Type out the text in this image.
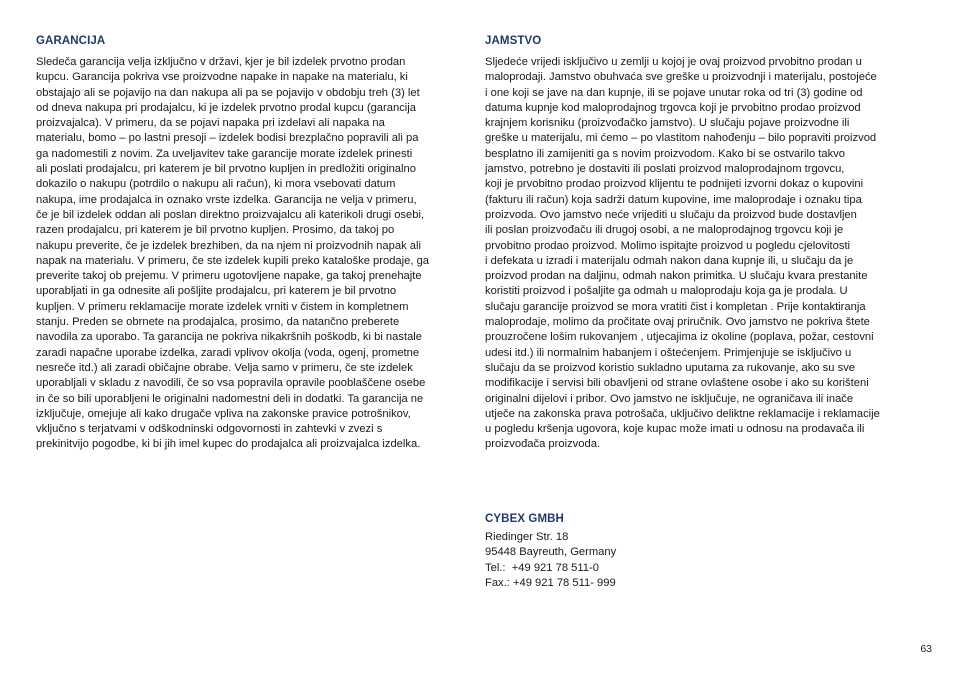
GARANCIJA

Sledeča garancija velja izključno v državi, kjer je bil izdelek prvotno prodan
kupcu. Garancija pokriva vse proizvodne napake in napake na materialu, ki
obstajajo ali se pojavijo na dan nakupa ali pa se pojavijo v obdobju treh (3) let
od dneva nakupa pri prodajalcu, ki je izdelek prvotno prodal kupcu (garancija
proizvajalca). V primeru, da se pojavi napaka pri izdelavi ali napaka na
materialu, bomo – po lastni presoji – izdelek bodisi brezplačno popravili ali pa
ga nadomestili z novim. Za uveljavitev take garancije morate izdelek prinesti
ali poslati prodajalcu, pri katerem je bil prvotno kupljen in predložiti originalno
dokazilo o nakupu (potrdilo o nakupu ali račun), ki mora vsebovati datum
nakupa, ime prodajalca in oznako vrste izdelka. Garancija ne velja v primeru,
če je bil izdelek oddan ali poslan direktno proizvajalcu ali katerikoli drugi osebi,
razen prodajalcu, pri katerem je bil prvotno kupljen. Prosimo, da takoj po
nakupu preverite, če je izdelek brezhiben, da na njem ni proizvodnih napak ali
napak na materialu. V primeru, če ste izdelek kupili preko kataloške prodaje, ga
preverite takoj ob prejemu. V primeru ugotovljene napake, ga takoj prenehajte
uporabljati in ga odnesite ali pošljite prodajalcu, pri katerem je bil prvotno
kupljen. V primeru reklamacije morate izdelek vrniti v čistem in kompletnem
stanju. Preden se obrnete na prodajalca, prosimo, da natančno preberete
navodila za uporabo. Ta garancija ne pokriva nikakršnih poškodb, ki bi nastale
zaradi napačne uporabe izdelka, zaradi vplivov okolja (voda, ogenj, prometne
nesreče itd.) ali zaradi običajne obrabe. Velja samo v primeru, če ste izdelek
uporabljali v skladu z navodili, če so vsa popravila opravile pooblaščene osebe
in če so bili uporabljeni le originalni nadomestni deli in dodatki. Ta garancija ne
izključuje, omejuje ali kako drugače vpliva na zakonske pravice potrošnikov,
vključno s terjatvami v odškodninski odgovornosti in zahtevki v zvezi s
prekinitvijo pogodbe, ki bi jih imel kupec do prodajalca ali proizvajalca izdelka.

JAMSTVO

Sljedeće vrijedi isključivo u zemlji u kojoj je ovaj proizvod prvobitno prodan u
maloprodaji. Jamstvo obuhvaća sve greške u proizvodnji i materijalu, postojeće
i one koji se jave na dan kupnje, ili se pojave unutar roka od tri (3) godine od
datuma kupnje kod maloprodajnog trgovca koji je prvobitno prodao proizvod
krajnjem korisniku (proizvođačko jamstvo). U slučaju pojave proizvodne ili
greške u materijalu, mi ćemo – po vlastitom nahođenju – bilo popraviti proizvod
besplatno ili zamijeniti ga s novim proizvodom. Kako bi se ostvarilo takvo
jamstvo, potrebno je dostaviti ili poslati proizvod maloprodajnom trgovcu,
koji je prvobitno prodao proizvod klijentu te podnijeti izvorni dokaz o kupovini
(fakturu ili račun) koja sadrži datum kupovine, ime maloprodaje i oznaku tipa
proizvoda. Ovo jamstvo neće vrijediti u slučaju da proizvod bude dostavljen
ili poslan proizvođaču ili drugoj osobi, a ne maloprodajnog trgovcu koji je
prvobitno prodao proizvod. Molimo ispitajte proizvod u pogledu cjelovitosti
i defekata u izradi i materijalu odmah nakon dana kupnje ili, u slučaju da je
proizvod prodan na daljinu, odmah nakon primitka. U slučaju kvara prestanite
koristiti proizvod i pošaljite ga odmah u maloprodaju koja ga je prodala. U
slučaju garancije proizvod se mora vratiti čist i kompletan . Prije kontaktiranja
maloprodaje, molimo da pročitate ovaj priručnik. Ovo jamstvo ne pokriva štete
prouzročene lošim rukovanjem , utjecajima iz okoline (poplava, požar, cestovni
udesi itd.) ili normalnim habanjem i oštećenjem. Primjenjuje se isključivo u
slučaju da se proizvod koristio sukladno uputama za rukovanje, ako su sve
modifikacije i servisi bili obavljeni od strane ovlaštene osobe i ako su korišteni
originalni dijelovi i pribor. Ovo jamstvo ne isključuje, ne ograničava ili inače
utječe na zakonska prava potrošača, uključivo deliktne reklamacije i reklamacije
u pogledu kršenja ugovora, koje kupac može imati u odnosu na prodavača ili
proizvođača proizvoda.

CYBEX GMBH
Riedinger Str. 18
95448 Bayreuth, Germany
Tel.:  +49 921 78 511-0
Fax.: +49 921 78 511- 999
63
